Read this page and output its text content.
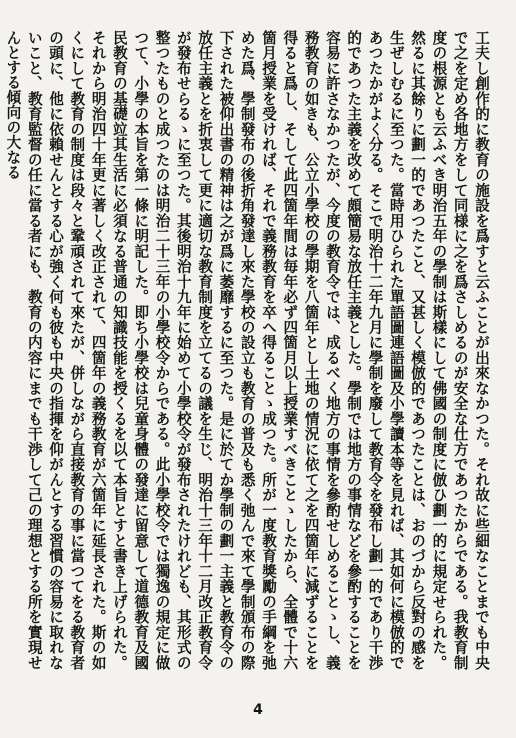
工夫し創作的に教育の施設を爲すと云ふことが出來なかつた。それ故に些細なことまでも中央で之を定め各地方をして同様に之を爲さしめるのが安全な仕方であつたからである。我教育制度の根源とも云ふべき明治五年の學制は斯樣にして佛國の制度に倣ひ劃一的に規定せられた。然るに其餘りに劃一的であつたこと、又甚しく模倣的であつたことは、おのづから反對の感を生ぜしむるに至つた。當時用ひられた單語圖連語圖及小學讀本等を見れば、其如何に模倣的であつたかがよく分る。そこで明治十二年九月に學制を廢して教育令を發布し劃一的であり干渉的であつた主義を改めて頗簡易な放任主義とした。學制では地方の事情などを參酌することを容易に許さなかつたが、今度の教育令では、成るべく地方の事情を參酌せしめることゝし、義務教育の如きも、公立小學校の學期を八箇年とし土地の情況に依て之を四箇年に減ずることを得ると爲し、そして此四箇年間は毎年必ず四箇月以上授業すべきことゝしたから、全體で十六箇月授業を受ければ、それで義務教育を卒へ得ることゝ成つた。所が一度教育獎勵の手綱を弛めた爲、學制發布の後折角發達し來た學校の設立も教育の普及も悉く弛んで來て學制頒布の際下された被仰出書の精神は之が爲に萎靡するに至つた。是に於てか學制の劃一主義と教育令の放任主義とを折衷して更に適切な教育制度を立てるの議を生じ、明治十三年十二月改正教育令が發布せらるゝに至つた。其後明治十九年に始めて小學校令が發布されたけれども、其形式の整つたものと成つたのは明治二十三年の小學校令からである。此小學校令では獨逸の規定に做つて、小學の本旨を第一條に明記した。即ち小學校は兒童身體の發達に留意して道德教育及國民教育の基礎竝其生活に必須なる普通の知識技能を授くるを以て本旨とすと書き上げられた。それから明治四十年更に著しく改正されて、四箇年の義務教育が六箇年に延長された。斯の如くにして教育の制度は段々と鞏頑されて來たが、併しながら直接教育の事に當つてをる教育者の頭に、他に依賴せんとする心が強く何も彼も中央の指揮を仰がんとする習慣の容易に取れないこと、教育監督の任に當る者にも、教育の内容にまでも干渉して己の理想とする所を實現せんとする傾向の大なる

4
